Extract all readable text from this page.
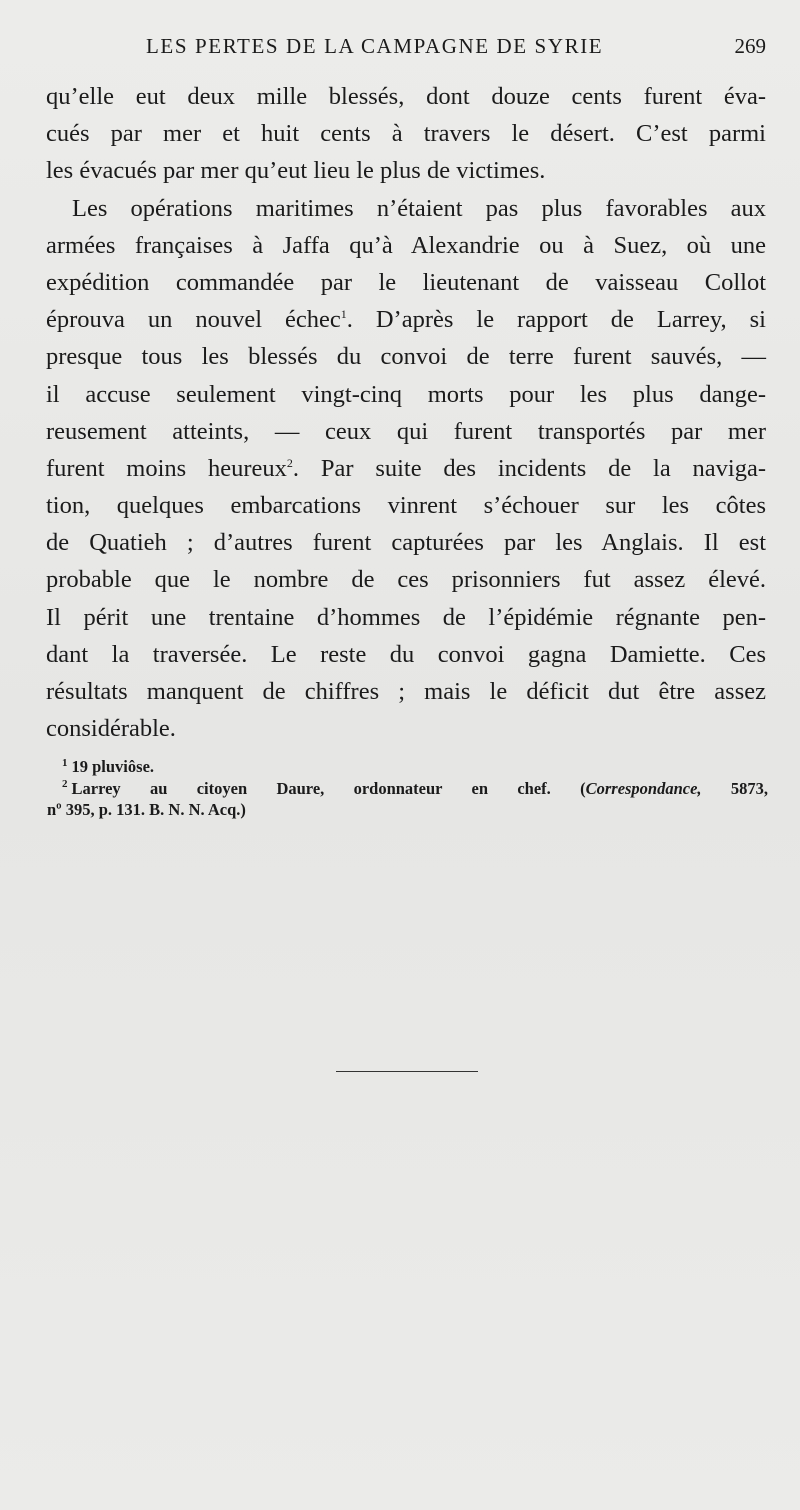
LES PERTES DE LA CAMPAGNE DE SYRIE	269
qu’elle eut deux mille blessés, dont douze cents furent éva-
cués par mer et huit cents à travers le désert. C’est parmi
les évacués par mer qu’eut lieu le plus de victimes.
Les opérations maritimes n’étaient pas plus favorables aux
armées françaises à Jaffa qu’à Alexandrie ou à Suez, où une
expédition commandée par le lieutenant de vaisseau Collot
éprouva un nouvel échec$^1$. D’après le rapport de Larrey, si
presque tous les blessés du convoi de terre furent sauvés, —
il accuse seulement vingt-cinq morts pour les plus dange-
reusement atteints, — ceux qui furent transportés par mer
furent moins heureux$^2$. Par suite des incidents de la naviga-
tion, quelques embarcations vinrent s’échouer sur les côtes
de Quatieh ; d’autres furent capturées par les Anglais. Il est
probable que le nombre de ces prisonniers fut assez élevé.
Il périt une trentaine d’hommes de l’épidémie régnante pen-
dant la traversée. Le reste du convoi gagna Damiette. Ces
résultats manquent de chiffres ; mais le déficit dut être assez
considérable.
$^1$ 19 pluviôse.
$^2$ Larrey au citoyen Daure, ordonnateur en chef. (Correspondance, 5873,
nº 395, p. 131. B. N. N. Acq.)
